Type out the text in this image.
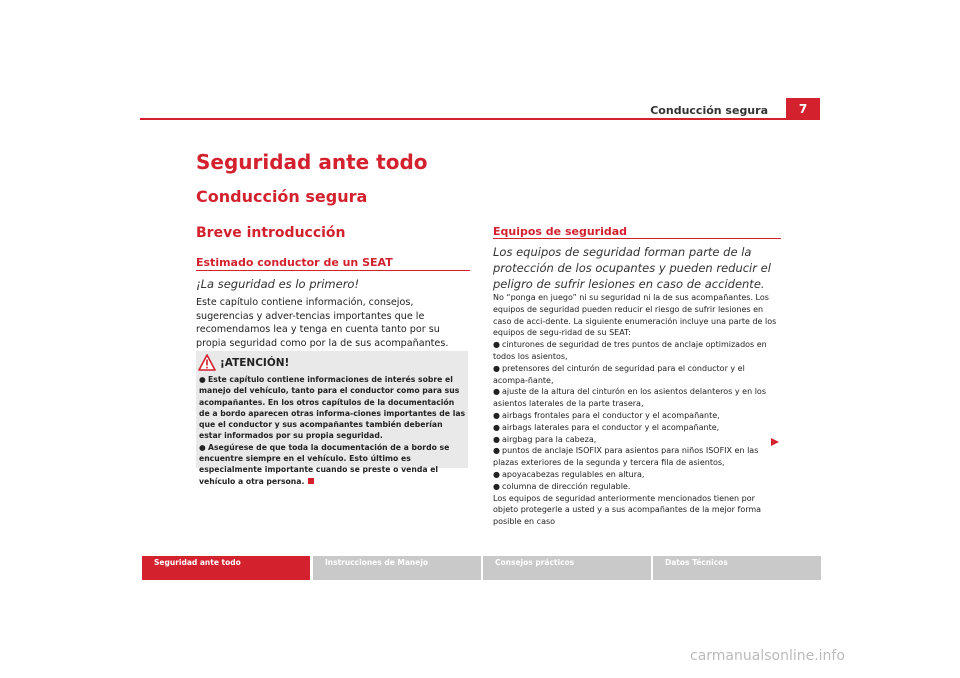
Conducción segura	7
Seguridad ante todo
Conducción segura
Breve introducción
Estimado conductor de un SEAT
¡La seguridad es lo primero!
Este capítulo contiene información, consejos, sugerencias y adver-tencias importantes que le recomendamos lea y tenga en cuenta tanto por su propia seguridad como por la de sus acompañantes.
¡ATENCIÓN!
● Este capítulo contiene informaciones de interés sobre el manejo del vehículo, tanto para el conductor como para sus acompañantes. En los otros capítulos de la documentación de a bordo aparecen otras informa-ciones importantes de las que el conductor y sus acompañantes también deberían estar informados por su propia seguridad.
● Asegúrese de que toda la documentación de a bordo se encuentre siempre en el vehículo. Esto último es especialmente importante cuando se preste o venda el vehículo a otra persona.
Equipos de seguridad
Los equipos de seguridad forman parte de la protección de los ocupantes y pueden reducir el peligro de sufrir lesiones en caso de accidente.

No “ponga en juego” ni su seguridad ni la de sus acompañantes. Los equipos de seguridad pueden reducir el riesgo de sufrir lesiones en caso de acci-dente. La siguiente enumeración incluye una parte de los equipos de segu-ridad de su SEAT:

● cinturones de seguridad de tres puntos de anclaje optimizados en todos los asientos,
● pretensores del cinturón de seguridad para el conductor y el acompa-ñante,
● ajuste de la altura del cinturón en los asientos delanteros y en los asientos laterales de la parte trasera,
● airbags frontales para el conductor y el acompañante,
● airbags laterales para el conductor y el acompañante,
● airgbag para la cabeza,
● puntos de anclaje ISOFIX para asientos para niños ISOFIX en las plazas exteriores de la segunda y tercera fila de asientos,
● apoyacabezas regulables en altura,
● columna de dirección regulable.

Los equipos de seguridad anteriormente mencionados tienen por objeto protegerle a usted y a sus acompañantes de la mejor forma posible en caso

Seguridad ante todo	Instrucciones de Manejo	Consejos prácticos	Datos Técnicos
carmanualsonline.info
